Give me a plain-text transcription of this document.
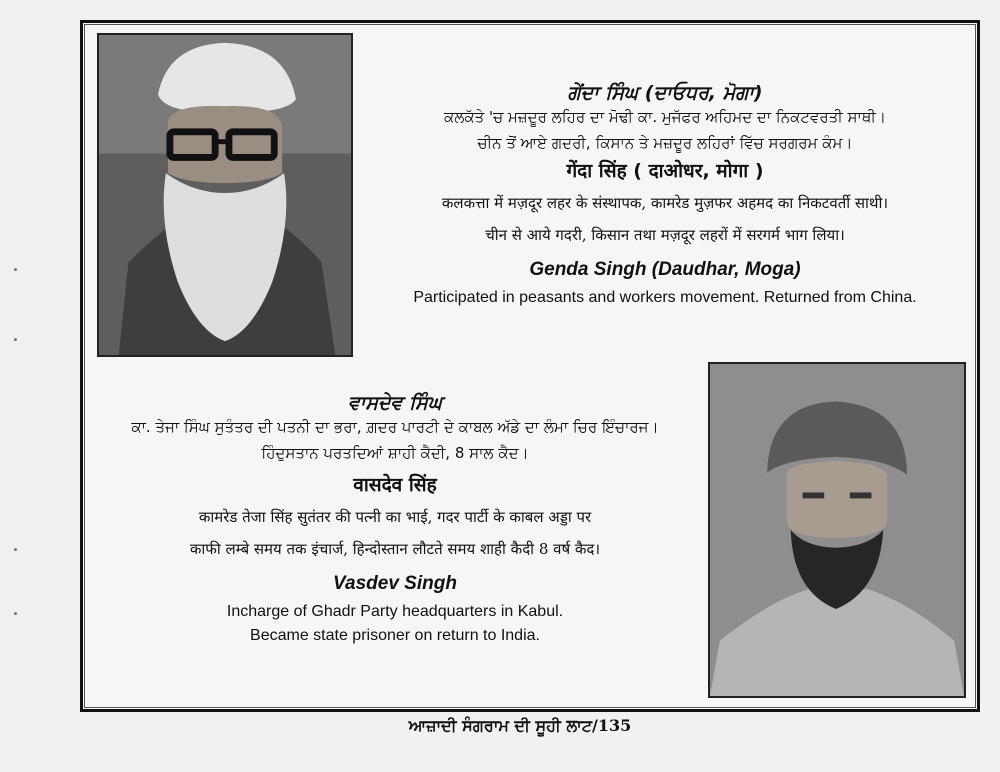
ਗੇਂਦਾ ਸਿੰਘ (ਦਾਓਧਰ, ਮੋਗਾ)
ਕਲਕੱਤੇ 'ਚ ਮਜ਼ਦੂਰ ਲਹਿਰ ਦਾ ਮੋਢੀ ਕਾ. ਮੁਜੱਫਰ ਅਹਿਮਦ ਦਾ ਨਿਕਟਵਰਤੀ ਸਾਥੀ।
ਚੀਨ ਤੋਂ ਆਏ ਗਦਰੀ, ਕਿਸਾਨ ਤੇ ਮਜ਼ਦੂਰ ਲਹਿਰਾਂ ਵਿੱਚ ਸਰਗਰਮ ਕੰਮ।
गेंदा सिंह ( दाओधर, मोगा )
कलकत्ता में मज़दूर लहर के संस्थापक, कामरेड मुज़फर अहमद का निकटवर्ती साथी।
चीन से आये गदरी, किसान तथा मज़दूर लहरों में सरगर्म भाग लिया।
Genda Singh (Daudhar, Moga)
Participated in peasants and workers movement. Returned from China.
ਵਾਸਦੇਵ ਸਿੰਘ
ਕਾ. ਤੇਜਾ ਸਿੰਘ ਸੁਤੰਤਰ ਦੀ ਪਤਨੀ ਦਾ ਭਰਾ, ਗ਼ਦਰ ਪਾਰਟੀ ਦੇ ਕਾਬਲ ਅੱਡੇ ਦਾ ਲੰਮਾ ਚਿਰ ਇੰਚਾਰਜ।
ਹਿੰਦੁਸਤਾਨ ਪਰਤਦਿਆਂ ਸ਼ਾਹੀ ਕੈਦੀ, 8 ਸਾਲ ਕੈਦ।
वासदेव सिंह
कामरेड तेजा सिंह सुतंतर की पत्नी का भाई, गदर पार्टी के काबल अड्डा पर
काफी लम्बे समय तक इंचार्ज, हिन्दोस्तान लौटते समय शाही कैदी 8 वर्ष कैद।
Vasdev Singh
Incharge of Ghadr Party headquarters in Kabul.
Became state prisoner on return to India.
ਆਜ਼ਾਦੀ ਸੰਗਰਾਮ ਦੀ ਸੂਹੀ ਲਾਟ/135
